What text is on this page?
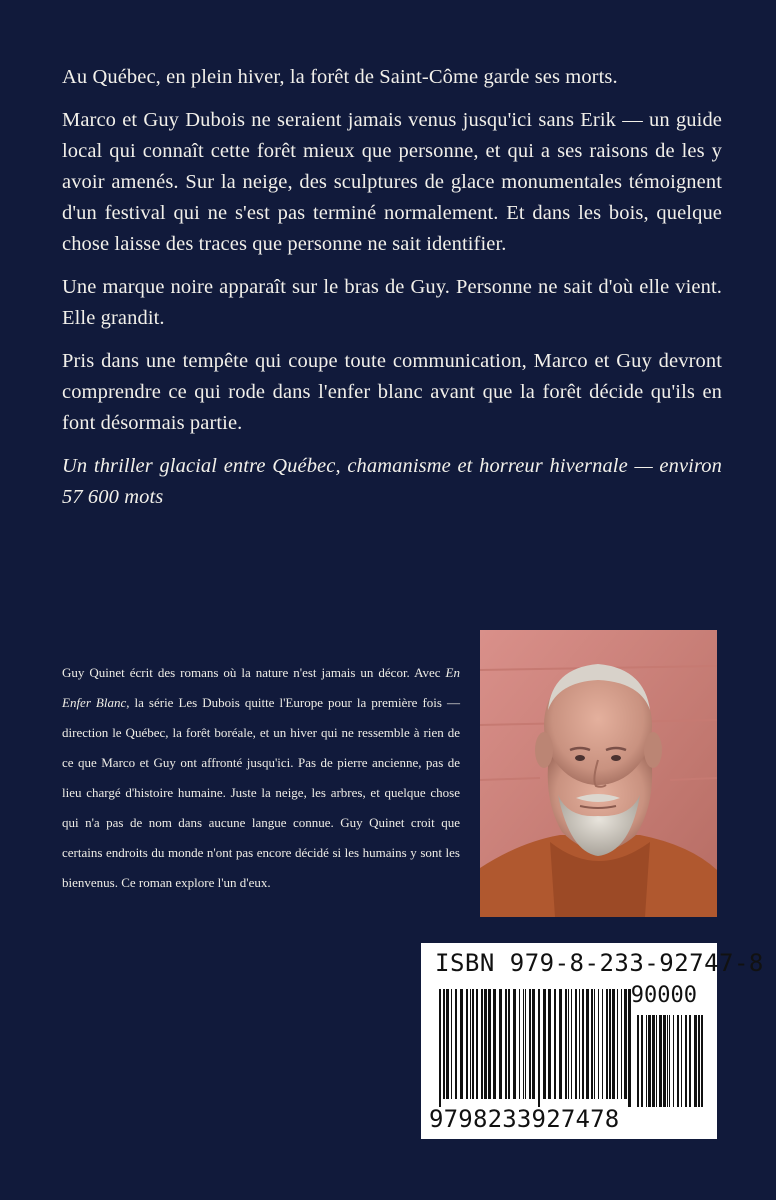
Au Québec, en plein hiver, la forêt de Saint-Côme garde ses morts.

Marco et Guy Dubois ne seraient jamais venus jusqu'ici sans Erik — un guide local qui connaît cette forêt mieux que personne, et qui a ses raisons de les y avoir amenés. Sur la neige, des sculptures de glace monumentales témoignent d'un festival qui ne s'est pas terminé normalement. Et dans les bois, quelque chose laisse des traces que personne ne sait identifier.

Une marque noire apparaît sur le bras de Guy. Personne ne sait d'où elle vient. Elle grandit.

Pris dans une tempête qui coupe toute communication, Marco et Guy devront comprendre ce qui rode dans l'enfer blanc avant que la forêt décide qu'ils en font désormais partie.

Un thriller glacial entre Québec, chamanisme et horreur hivernale — environ 57 600 mots

Guy Quinet écrit des romans où la nature n'est jamais un décor. Avec En Enfer Blanc, la série Les Dubois quitte l'Europe pour la première fois — direction le Québec, la forêt boréale, et un hiver qui ne ressemble à rien de ce que Marco et Guy ont affronté jusqu'ici. Pas de pierre ancienne, pas de lieu chargé d'histoire humaine. Juste la neige, les arbres, et quelque chose qui n'a pas de nom dans aucune langue connue. Guy Quinet croit que certains endroits du monde n'ont pas encore décidé si les humains y sont les bienvenus. Ce roman explore l'un d'eux.
ISBN 979-8-233-92747-8
90000
9798233927478
